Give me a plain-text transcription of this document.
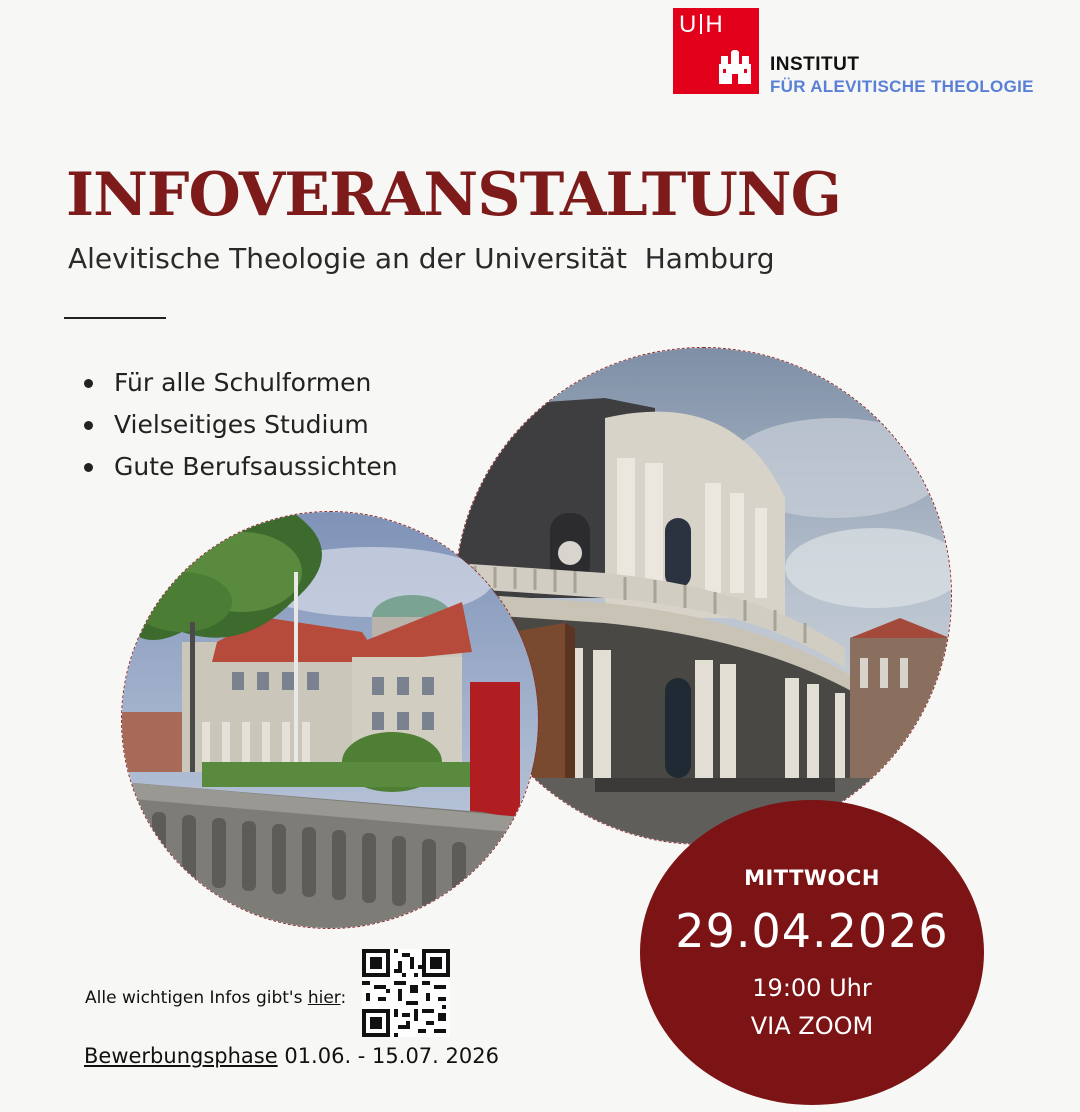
U H
INSTITUT
FÜR ALEVITISCHE THEOLOGIE
INFOVERANSTALTUNG
Alevitische Theologie an der Universität  Hamburg
Für alle Schulformen
Vielseitiges Studium
Gute Berufsaussichten
MITTWOCH
29.04.2026
19:00 Uhr
VIA ZOOM
Alle wichtigen Infos gibt's hier:
Bewerbungsphase 01.06. - 15.07. 2026
